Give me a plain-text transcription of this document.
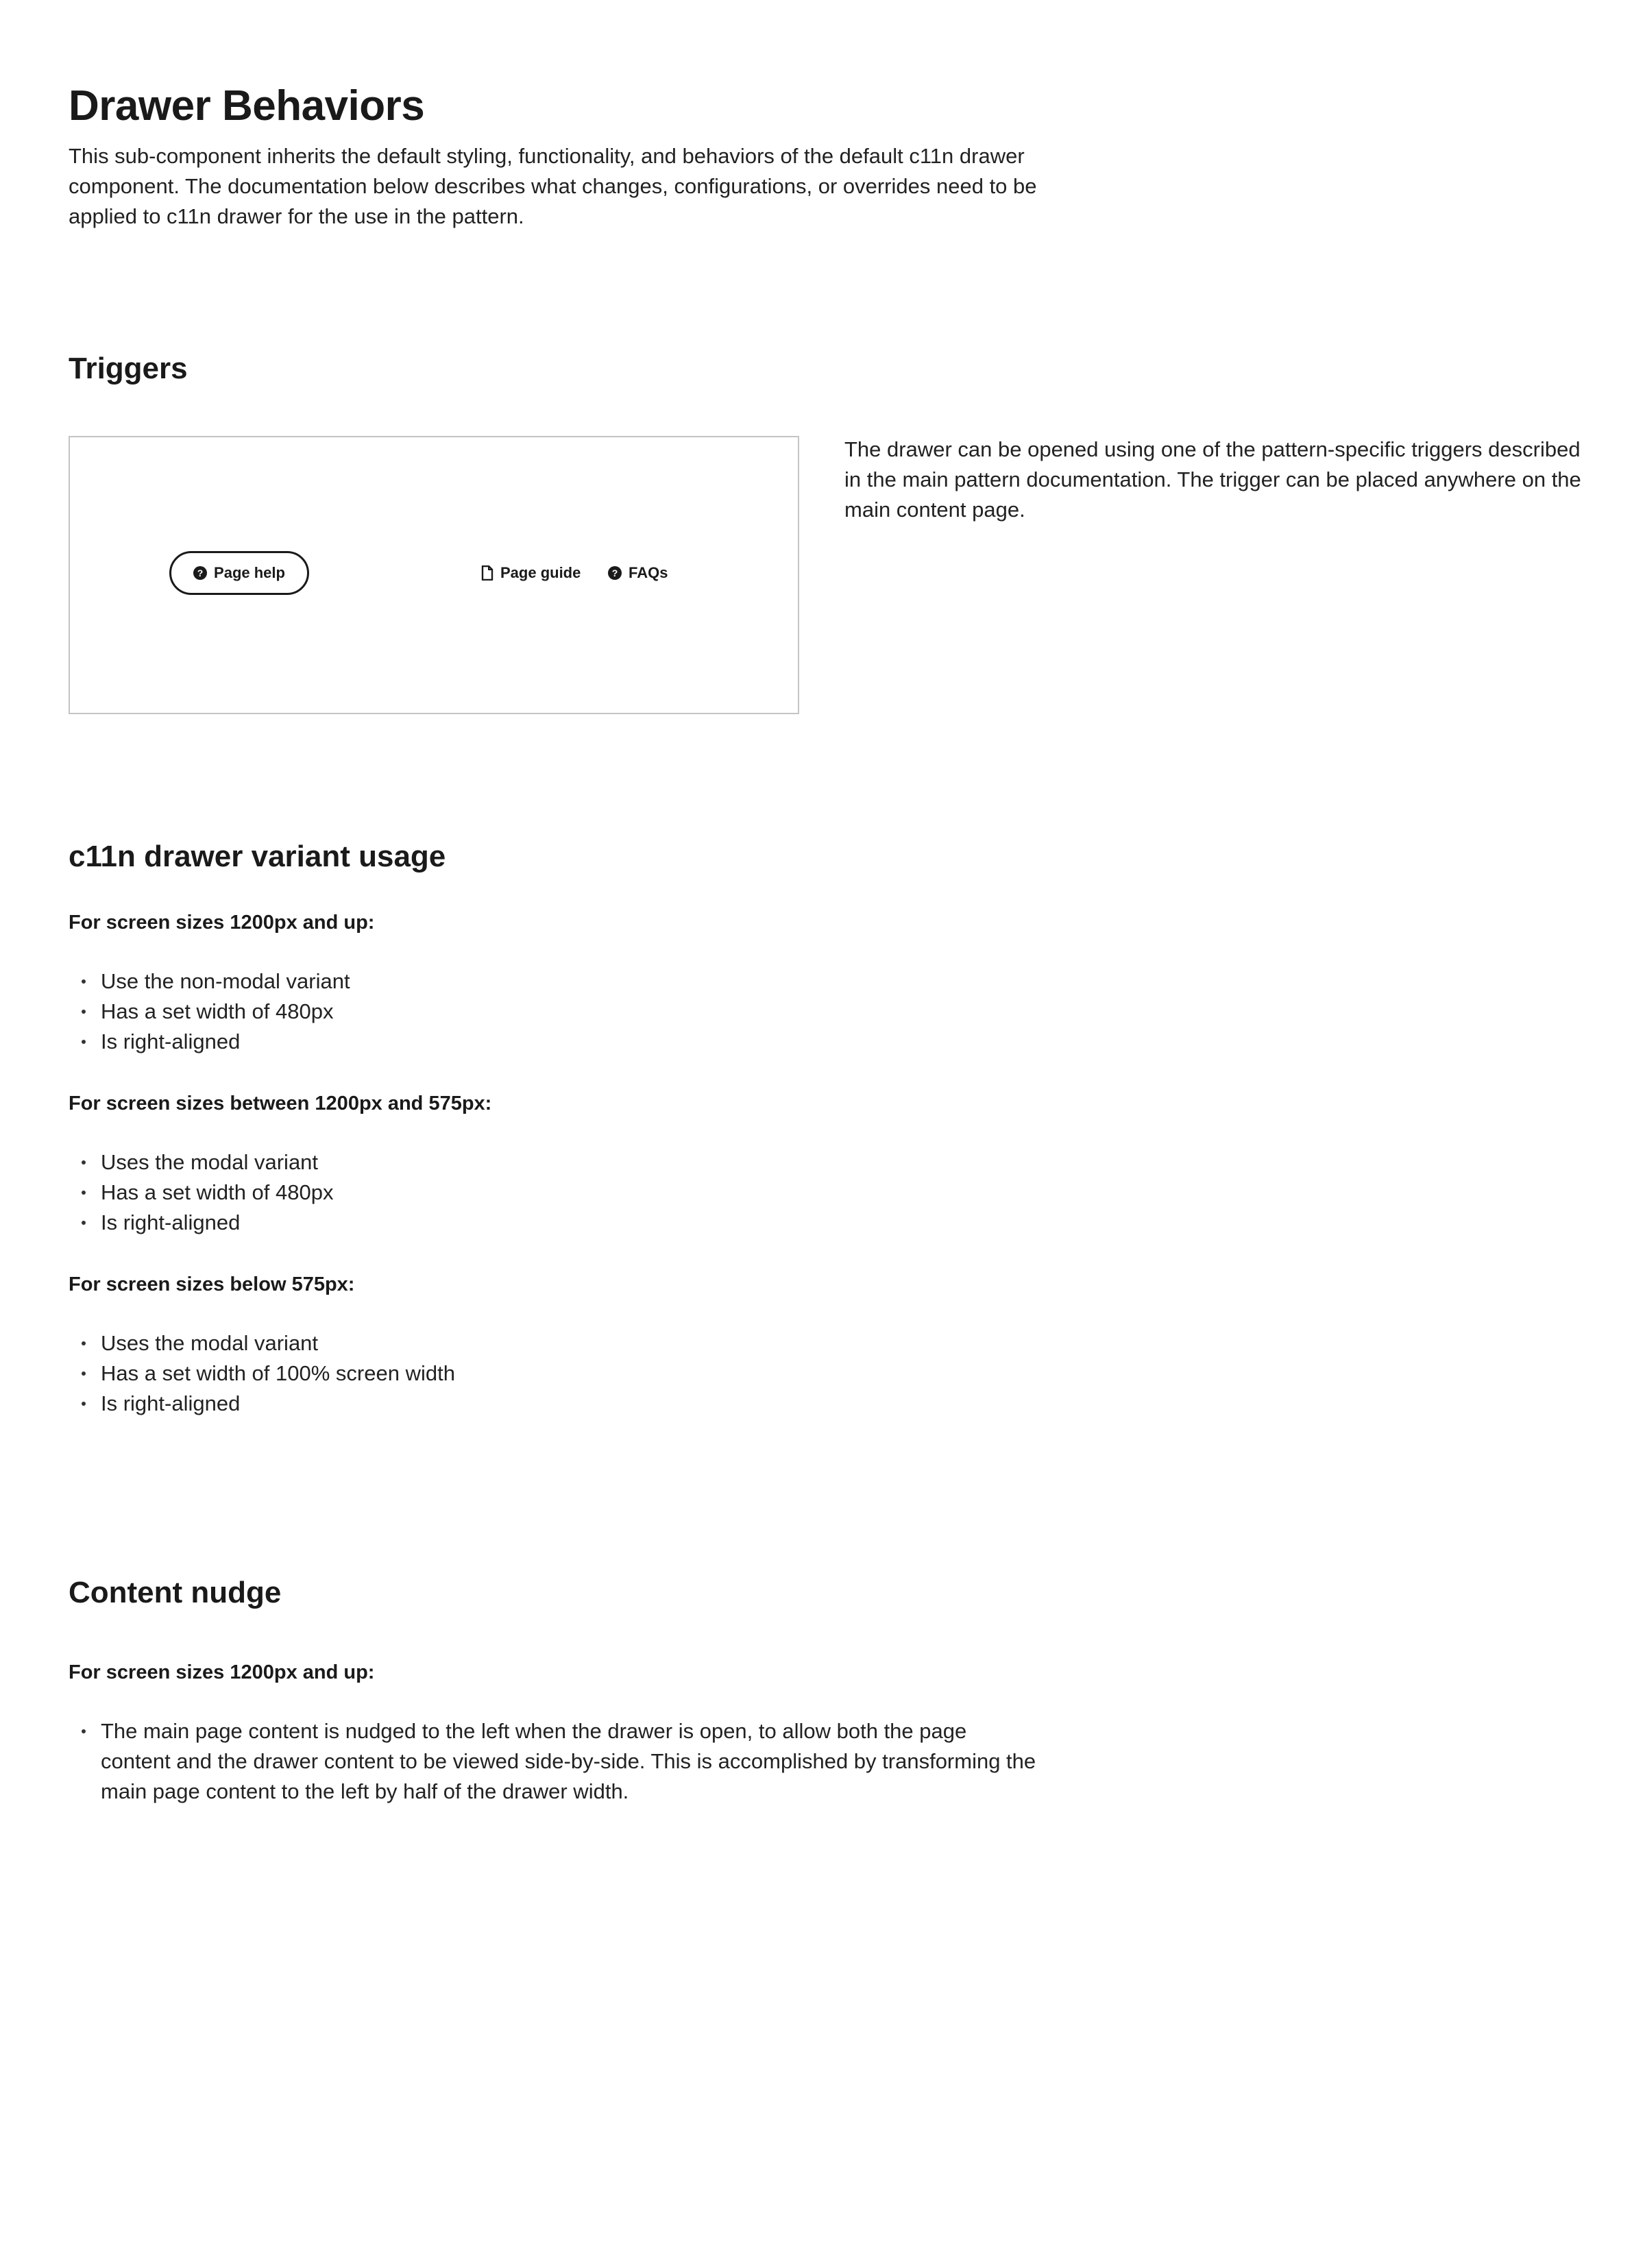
Drawer Behaviors

This sub-component inherits the default styling, functionality, and behaviors of the default c11n drawer component. The documentation below describes what changes, configurations, or overrides need to be applied to c11n drawer for the use in the pattern.

Triggers
? Page help	Page guide	? FAQs

The drawer can be opened using one of the pattern-specific triggers described in the main pattern documentation. The trigger can be placed anywhere on the main content page.

c11n drawer variant usage
For screen sizes 1200px and up:
Use the non-modal variant
Has a set width of 480px
Is right-aligned
For screen sizes between 1200px and 575px:
Uses the modal variant
Has a set width of 480px
Is right-aligned
For screen sizes below 575px:
Uses the modal variant
Has a set width of 100% screen width
Is right-aligned
Content nudge
For screen sizes 1200px and up:
The main page content is nudged to the left when the drawer is open, to allow both the page content and the drawer content to be viewed side-by-side. This is accomplished by transforming the main page content to the left by half of the drawer width.
